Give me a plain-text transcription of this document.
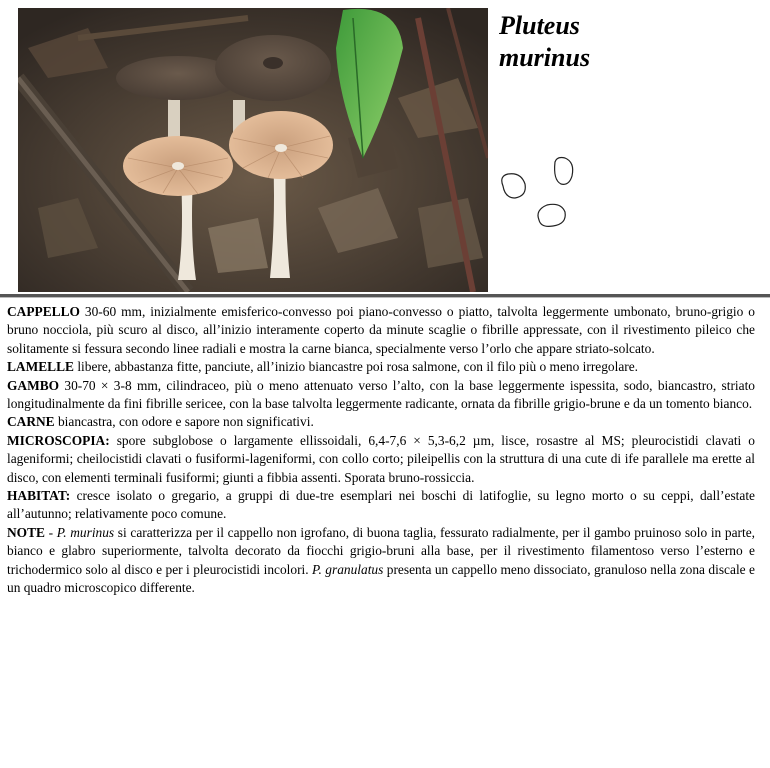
Pluteus
murinus

CAPPELLO 30-60 mm, inizialmente emisferico-convesso poi piano-convesso o piatto, talvolta leggermente umbonato, bruno-grigio o bruno nocciola, più scuro al disco, all’inizio interamente coperto da minute scaglie o fibrille appressate, con il rivestimento pileico che solitamente si fessura secondo linee radiali e mostra la carne bianca, specialmente verso l’orlo che appare striato-solcato.

LAMELLE libere, abbastanza fitte, panciute, all’inizio biancastre poi rosa salmone, con il filo più o meno irregolare.

GAMBO 30-70 × 3-8 mm, cilindraceo, più o meno attenuato verso l’alto, con la base leggermente ispessita, sodo, biancastro, striato longitudinalmente da fini fibrille sericee, con la base talvolta leggermente radicante, ornata da fibrille grigio-brune e da un tomento bianco.

CARNE biancastra, con odore e sapore non significativi.

MICROSCOPIA: spore subglobose o largamente ellissoidali, 6,4-7,6 × 5,3-6,2 µm, lisce, rosastre al MS; pleurocistidi clavati o lageniformi; cheilocistidi clavati o fusiformi-lageniformi, con collo corto; pileipellis con la struttura di una cute di ife parallele ma erette al disco, con elementi terminali fusiformi; giunti a fibbia assenti. Sporata bruno-rossiccia.

HABITAT: cresce isolato o gregario, a gruppi di due-tre esemplari nei boschi di latifoglie, su legno morto o su ceppi, dall’estate all’autunno; relativamente poco comune.

NOTE - P. murinus si caratterizza per il cappello non igrofano, di buona taglia, fessurato radialmente, per il gambo pruinoso solo in parte, bianco e glabro superiormente, talvolta decorato da fiocchi grigio-bruni alla base, per il rivestimento filamentoso verso l’esterno e trichodermico solo al disco e per i pleurocistidi incolori. P. granulatus presenta un cappello meno dissociato, granuloso nella zona discale e un quadro microscopico differente.
